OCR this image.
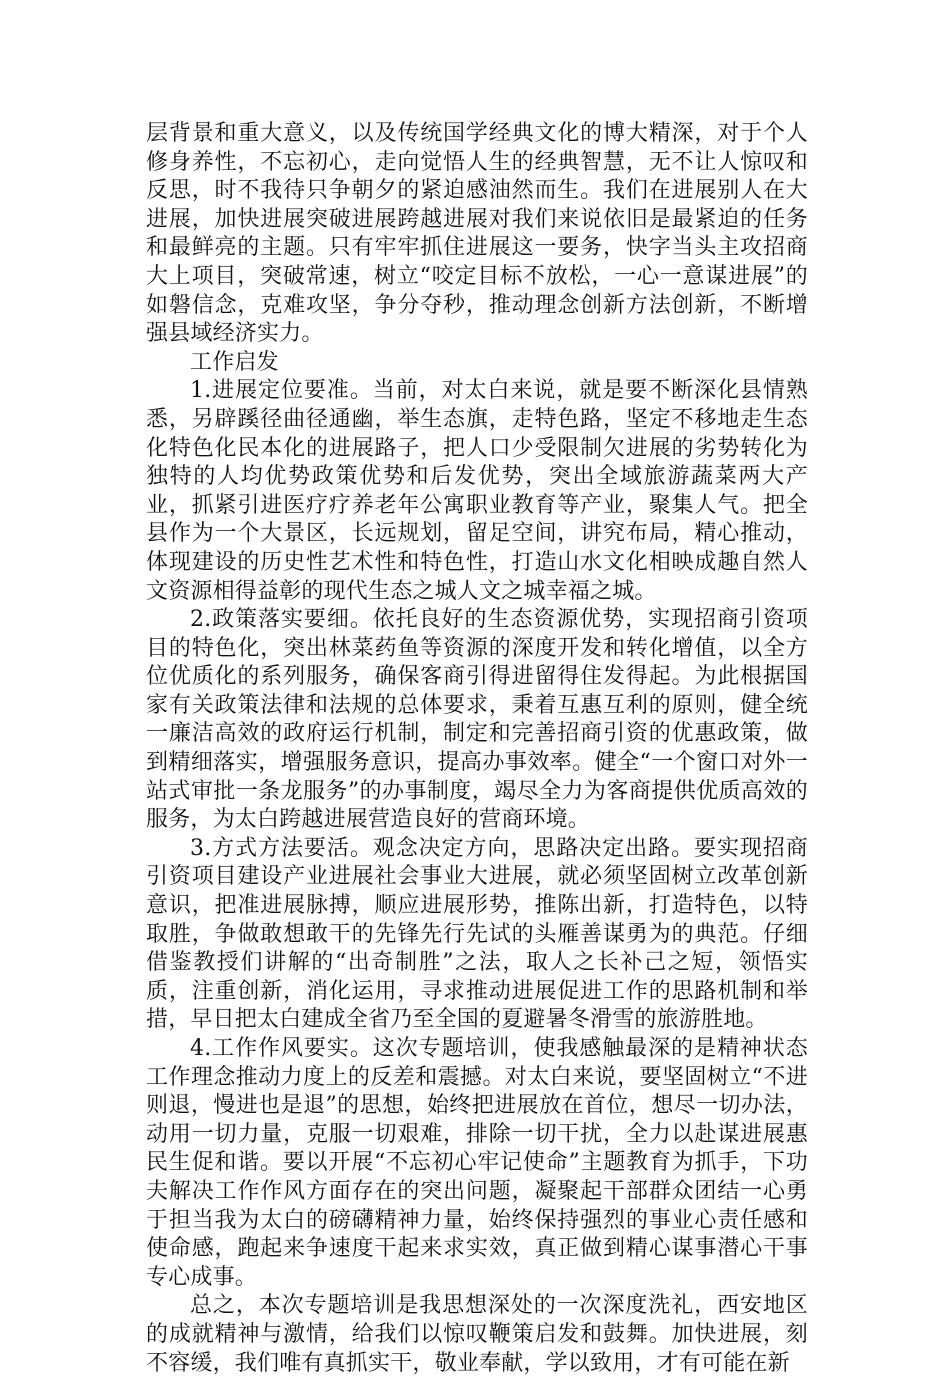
层背景和重大意义，以及传统国学经典文化的博大精深，对于个人修身养性，不忘初心，走向觉悟人生的经典智慧，无不让人惊叹和反思，时不我待只争朝夕的紧迫感油然而生。我们在进展别人在大进展，加快进展突破进展跨越进展对我们来说依旧是最紧迫的任务和最鲜亮的主题。只有牢牢抓住进展这一要务，快字当头主攻招商大上项目，突破常速，树立“咬定目标不放松，一心一意谋进展”的如磐信念，克难攻坚，争分夺秒，推动理念创新方法创新，不断增强县域经济实力。

工作启发

1.进展定位要准。当前，对太白来说，就是要不断深化县情熟悉，另辟蹊径曲径通幽，举生态旗，走特色路，坚定不移地走生态化特色化民本化的进展路子，把人口少受限制欠进展的劣势转化为独特的人均优势政策优势和后发优势，突出全域旅游蔬菜两大产业，抓紧引进医疗疗养老年公寓职业教育等产业，聚集人气。把全县作为一个大景区，长远规划，留足空间，讲究布局，精心推动，体现建设的历史性艺术性和特色性，打造山水文化相映成趣自然人文资源相得益彰的现代生态之城人文之城幸福之城。

2.政策落实要细。依托良好的生态资源优势，实现招商引资项目的特色化，突出林菜药鱼等资源的深度开发和转化增值，以全方位优质化的系列服务，确保客商引得进留得住发得起。为此根据国家有关政策法律和法规的总体要求，秉着互惠互利的原则，健全统一廉洁高效的政府运行机制，制定和完善招商引资的优惠政策，做到精细落实，增强服务意识，提高办事效率。健全“一个窗口对外一站式审批一条龙服务”的办事制度，竭尽全力为客商提供优质高效的服务，为太白跨越进展营造良好的营商环境。

3.方式方法要活。观念决定方向，思路决定出路。要实现招商引资项目建设产业进展社会事业大进展，就必须坚固树立改革创新意识，把准进展脉搏，顺应进展形势，推陈出新，打造特色，以特取胜，争做敢想敢干的先锋先行先试的头雁善谋勇为的典范。仔细借鉴教授们讲解的“出奇制胜”之法，取人之长补己之短，领悟实质，注重创新，消化运用，寻求推动进展促进工作的思路机制和举措，早日把太白建成全省乃至全国的夏避暑冬滑雪的旅游胜地。

4.工作作风要实。这次专题培训，使我感触最深的是精神状态工作理念推动力度上的反差和震撼。对太白来说，要坚固树立“不进则退，慢进也是退”的思想，始终把进展放在首位，想尽一切办法，动用一切力量，克服一切艰难，排除一切干扰，全力以赴谋进展惠民生促和谐。要以开展“不忘初心牢记使命”主题教育为抓手，下功夫解决工作作风方面存在的突出问题，凝聚起干部群众团结一心勇于担当我为太白的磅礴精神力量，始终保持强烈的事业心责任感和使命感，跑起来争速度干起来求实效，真正做到精心谋事潜心干事专心成事。

总之，本次专题培训是我思想深处的一次深度洗礼，西安地区的成就精神与激情，给我们以惊叹鞭策启发和鼓舞。加快进展，刻不容缓，我们唯有真抓实干，敬业奉献，学以致用，才有可能在新
